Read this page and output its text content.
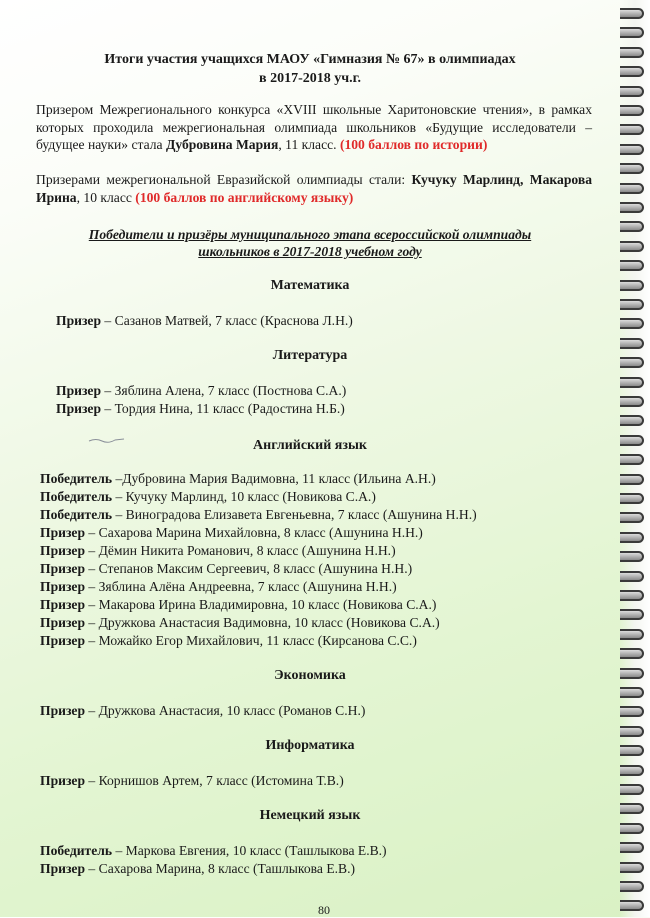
Итоги участия учащихся МАОУ «Гимназия № 67» в олимпиадах
в 2017-2018 уч.г.
Призером Межрегионального конкурса «XVIII школьные Харитоновские чтения», в рамках которых проходила межрегиональная олимпиада школьников «Будущие исследователи – будущее науки» стала Дубровина Мария, 11 класс. (100 баллов по истории)
Призерами межрегиональной Евразийской олимпиады стали: Кучуку Марлинд, Макарова Ирина, 10 класс (100 баллов по английскому языку)
Победители и призёры муниципального этапа всероссийской олимпиады
школьников в 2017-2018 учебном году
Математика
Призер – Сазанов Матвей, 7 класс (Краснова Л.Н.)
Литература
Призер – Зяблина Алена, 7 класс (Постнова С.А.)
Призер – Тордия Нина, 11 класс (Радостина Н.Б.)
Английский язык
Победитель –Дубровина Мария Вадимовна, 11 класс (Ильина А.Н.)
Победитель – Кучуку Марлинд, 10 класс (Новикова С.А.)
Победитель – Виноградова Елизавета Евгеньевна, 7 класс (Ашунина Н.Н.)
Призер – Сахарова Марина Михайловна, 8 класс (Ашунина Н.Н.)
Призер – Дёмин Никита Романович, 8 класс (Ашунина Н.Н.)
Призер – Степанов Максим Сергеевич, 8 класс (Ашунина Н.Н.)
Призер – Зяблина Алёна Андреевна, 7 класс (Ашунина Н.Н.)
Призер – Макарова Ирина Владимировна, 10 класс (Новикова С.А.)
Призер – Дружкова Анастасия Вадимовна, 10 класс (Новикова С.А.)
Призер – Можайко Егор Михайлович, 11 класс (Кирсанова С.С.)
Экономика
Призер – Дружкова Анастасия, 10 класс (Романов С.Н.)
Информатика
Призер – Корнишов Артем, 7 класс (Истомина Т.В.)
Немецкий язык
Победитель – Маркова Евгения, 10 класс (Ташлыкова Е.В.)
Призер – Сахарова Марина, 8 класс (Ташлыкова Е.В.)
80
